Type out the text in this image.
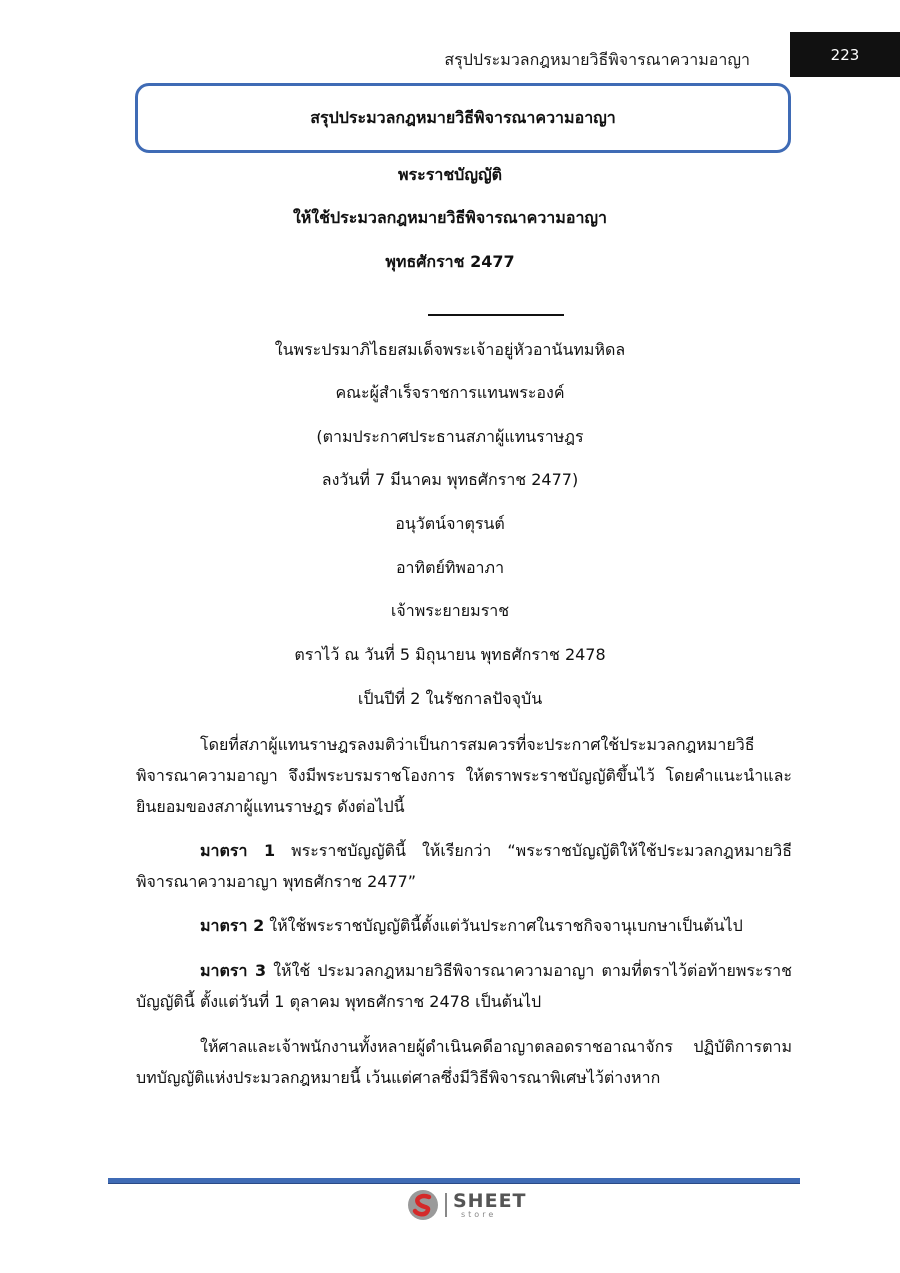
สรุปประมวลกฎหมายวิธีพิจารณาความอาญา	223
สรุปประมวลกฎหมายวิธีพิจารณาความอาญา
พระราชบัญญัติ
ให้ใช้ประมวลกฎหมายวิธีพิจารณาความอาญา
พุทธศักราช 2477
ในพระปรมาภิไธยสมเด็จพระเจ้าอยู่หัวอานันทมหิดล
คณะผู้สำเร็จราชการแทนพระองค์
(ตามประกาศประธานสภาผู้แทนราษฎร
ลงวันที่ 7 มีนาคม พุทธศักราช 2477)
อนุวัตน์จาตุรนต์
อาทิตย์ทิพอาภา
เจ้าพระยายมราช
ตราไว้ ณ วันที่ 5 มิถุนายน พุทธศักราช 2478
เป็นปีที่ 2 ในรัชกาลปัจจุบัน
โดยที่สภาผู้แทนราษฎรลงมติว่าเป็นการสมควรที่จะประกาศใช้ประมวลกฎหมายวิธีพิจารณาความอาญา จึงมีพระบรมราชโองการ ให้ตราพระราชบัญญัติขึ้นไว้ โดยคำแนะนำและยินยอมของสภาผู้แทนราษฎร ดังต่อไปนี้
มาตรา 1 พระราชบัญญัตินี้ ให้เรียกว่า “พระราชบัญญัติให้ใช้ประมวลกฎหมายวิธีพิจารณาความอาญา พุทธศักราช 2477”
มาตรา 2 ให้ใช้พระราชบัญญัตินี้ตั้งแต่วันประกาศในราชกิจจานุเบกษาเป็นต้นไป
มาตรา 3 ให้ใช้ ประมวลกฎหมายวิธีพิจารณาความอาญา ตามที่ตราไว้ต่อท้ายพระราชบัญญัตินี้ ตั้งแต่วันที่ 1 ตุลาคม พุทธศักราช 2478 เป็นต้นไป
ให้ศาลและเจ้าพนักงานทั้งหลายผู้ดำเนินคดีอาญาตลอดราชอาณาจักร ปฏิบัติการตามบทบัญญัติแห่งประมวลกฎหมายนี้ เว้นแต่ศาลซึ่งมีวิธีพิจารณาพิเศษไว้ต่างหาก
SHEET
store
